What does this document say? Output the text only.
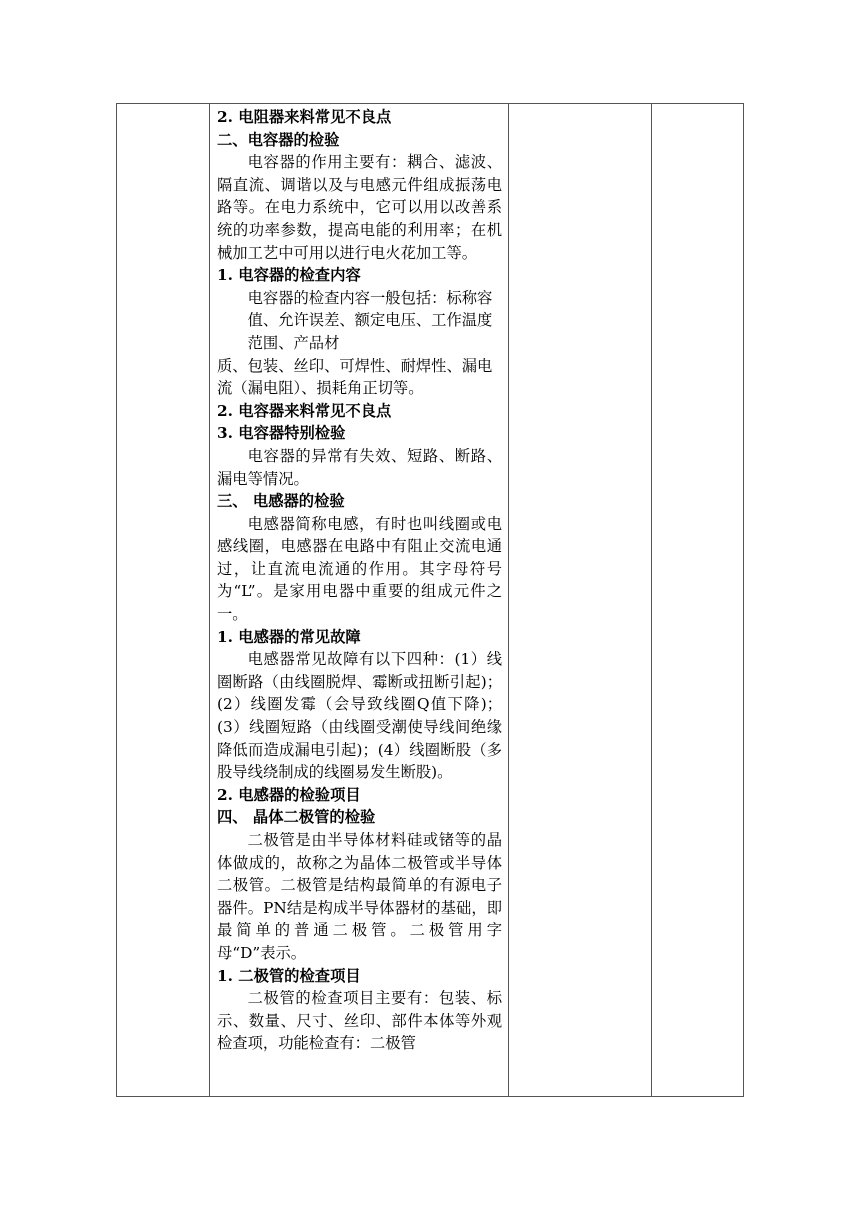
2. 电阻器来料常见不良点

二、电容器的检验

电容器的作用主要有：耦合、滤波、隔直流、调谐以及与电感元件组成振荡电路等。在电力系统中，它可以用以改善系统的功率参数，提高电能的利用率；在机械加工艺中可用以进行电火花加工等。

1. 电容器的检查内容

电容器的检查内容一般包括：标称容值、允许误差、额定电压、工作温度范围、产品材

质、包装、丝印、可焊性、耐焊性、漏电流（漏电阻）、损耗角正切等。

2. 电容器来料常见不良点

3. 电容器特别检验

电容器的异常有失效、短路、断路、漏电等情况。

三、 电感器的检验

电感器简称电感，有时也叫线圈或电感线圈，电感器在电路中有阻止交流电通过，让直流电流通的作用。其字母符号为“L”。是家用电器中重要的组成元件之一。

1. 电感器的常见故障

电感器常见故障有以下四种：(1）线圈断路（由线圈脱焊、霉断或扭断引起)；(2）线圈发霉（会导致线圈Q值下降)；(3）线圈短路（由线圈受潮使导线间绝缘降低而造成漏电引起)；(4）线圈断股（多股导线绕制成的线圈易发生断股)。

2. 电感器的检验项目

四、 晶体二极管的检验

二极管是由半导体材料硅或锗等的晶体做成的，故称之为晶体二极管或半导体二极管。二极管是结构最简单的有源电子器件。PN结是构成半导体器材的基础，即最简单的普通二极管。二极管用字母“D”表示。

1. 二极管的检查项目

二极管的检查项目主要有：包装、标示、数量、尺寸、丝印、部件本体等外观检查项，功能检查有：二极管
